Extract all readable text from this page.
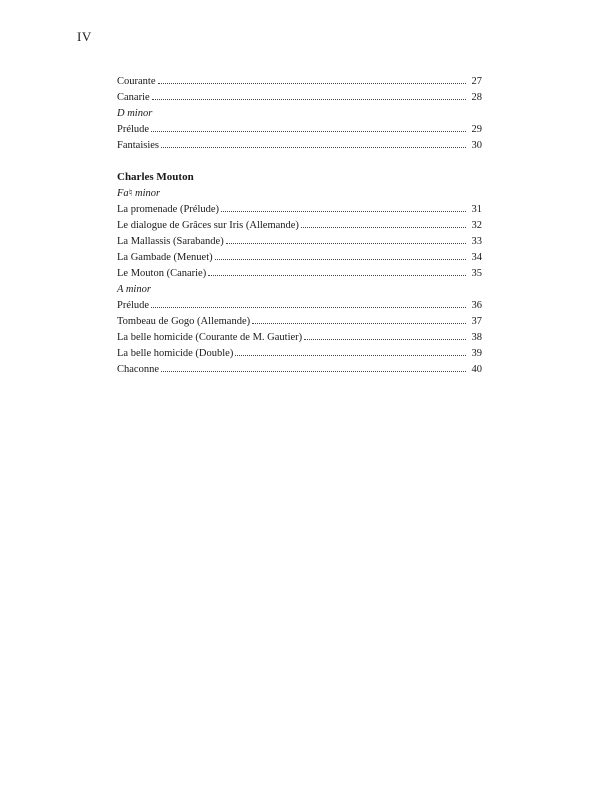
IV
Courante	27
Canarie	28
D minor
Prélude	29
Fantaisies	30
Charles Mouton
Fa♮ minor
La promenade (Prélude)	31
Le dialogue de Grâces sur Iris (Allemande)	32
La Mallassis (Sarabande)	33
La Gambade (Menuet)	34
Le Mouton (Canarie)	35
A minor
Prélude	36
Tombeau de Gogo (Allemande)	37
La belle homicide (Courante de M. Gautier)	38
La belle homicide (Double)	39
Chaconne	40
